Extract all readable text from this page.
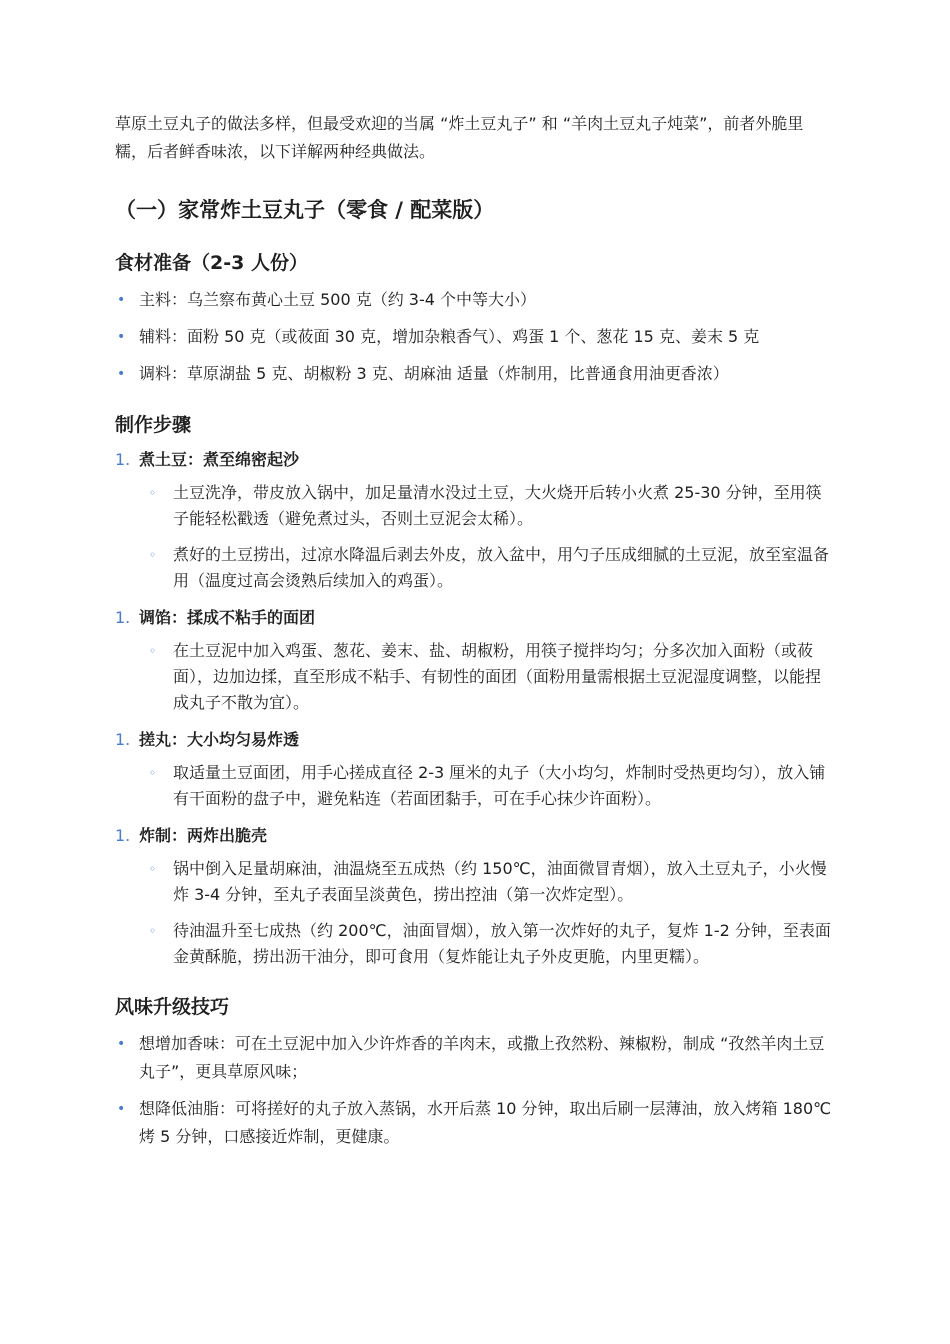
草原土豆丸子的做法多样，但最受欢迎的当属 “炸土豆丸子” 和 “羊肉土豆丸子炖菜”，前者外脆里糯，后者鲜香味浓，以下详解两种经典做法。

（一）家常炸土豆丸子（零食 / 配菜版）
食材准备（2-3 人份）
• 主料：乌兰察布黄心土豆 500 克（约 3-4 个中等大小）
• 辅料：面粉 50 克（或莜面 30 克，增加杂粮香气）、鸡蛋 1 个、葱花 15 克、姜末 5 克
• 调料：草原湖盐 5 克、胡椒粉 3 克、胡麻油 适量（炸制用，比普通食用油更香浓）
制作步骤
1. 煮土豆：煮至绵密起沙
◦ 土豆洗净，带皮放入锅中，加足量清水没过土豆，大火烧开后转小火煮 25-30 分钟，至用筷子能轻松戳透（避免煮过头，否则土豆泥会太稀）。
◦ 煮好的土豆捞出，过凉水降温后剥去外皮，放入盆中，用勺子压成细腻的土豆泥，放至室温备用（温度过高会烫熟后续加入的鸡蛋）。
1. 调馅：揉成不粘手的面团
◦ 在土豆泥中加入鸡蛋、葱花、姜末、盐、胡椒粉，用筷子搅拌均匀；分多次加入面粉（或莜面），边加边揉，直至形成不粘手、有韧性的面团（面粉用量需根据土豆泥湿度调整，以能捏成丸子不散为宜）。
1. 搓丸：大小均匀易炸透
◦ 取适量土豆面团，用手心搓成直径 2-3 厘米的丸子（大小均匀，炸制时受热更均匀），放入铺有干面粉的盘子中，避免粘连（若面团黏手，可在手心抹少许面粉）。
1. 炸制：两炸出脆壳
◦ 锅中倒入足量胡麻油，油温烧至五成热（约 150℃，油面微冒青烟），放入土豆丸子，小火慢炸 3-4 分钟，至丸子表面呈淡黄色，捞出控油（第一次炸定型）。
◦ 待油温升至七成热（约 200℃，油面冒烟），放入第一次炸好的丸子，复炸 1-2 分钟，至表面金黄酥脆，捞出沥干油分，即可食用（复炸能让丸子外皮更脆，内里更糯）。
风味升级技巧
• 想增加香味：可在土豆泥中加入少许炸香的羊肉末，或撒上孜然粉、辣椒粉，制成 “孜然羊肉土豆丸子”，更具草原风味；
• 想降低油脂：可将搓好的丸子放入蒸锅，水开后蒸 10 分钟，取出后刷一层薄油，放入烤箱 180℃烤 5 分钟，口感接近炸制，更健康。
